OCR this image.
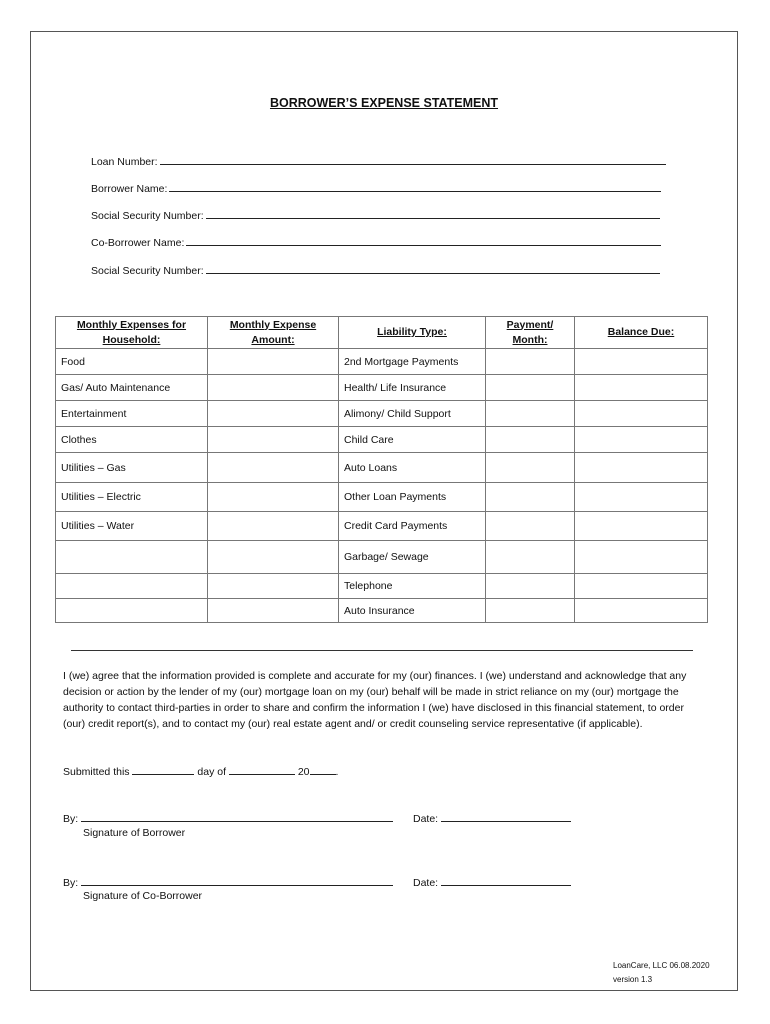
BORROWER’S EXPENSE STATEMENT
Loan Number:
Borrower Name:
Social Security Number:
Co-Borrower Name:
Social Security Number:
Monthly Expenses for Household:	Monthly Expense Amount:	Liability Type:	Payment/ Month:	Balance Due:
Food		2nd Mortgage Payments		
Gas/ Auto Maintenance		Health/ Life Insurance		
Entertainment		Alimony/ Child Support		
Clothes		Child Care		
Utilities – Gas		Auto Loans		
Utilities – Electric		Other Loan Payments		
Utilities – Water		Credit Card Payments		
		Garbage/ Sewage		
		Telephone		
		Auto Insurance		
I (we) agree that the information provided is complete and accurate for my (our) finances. I (we) understand and acknowledge that any decision or action by the lender of my (our) mortgage loan on my (our) behalf will be made in strict reliance on my (our) mortgage the authority to contact third-parties in order to share and confirm the information I (we) have disclosed in this financial statement, to order (our) credit report(s), and to contact my (our) real estate agent and/ or credit counseling service representative (if applicable).
Submitted this	day of	20 .
By:	Date:
Signature of Borrower
By:	Date:
Signature of Co-Borrower
LoanCare, LLC 06.08.2020
version 1.3
